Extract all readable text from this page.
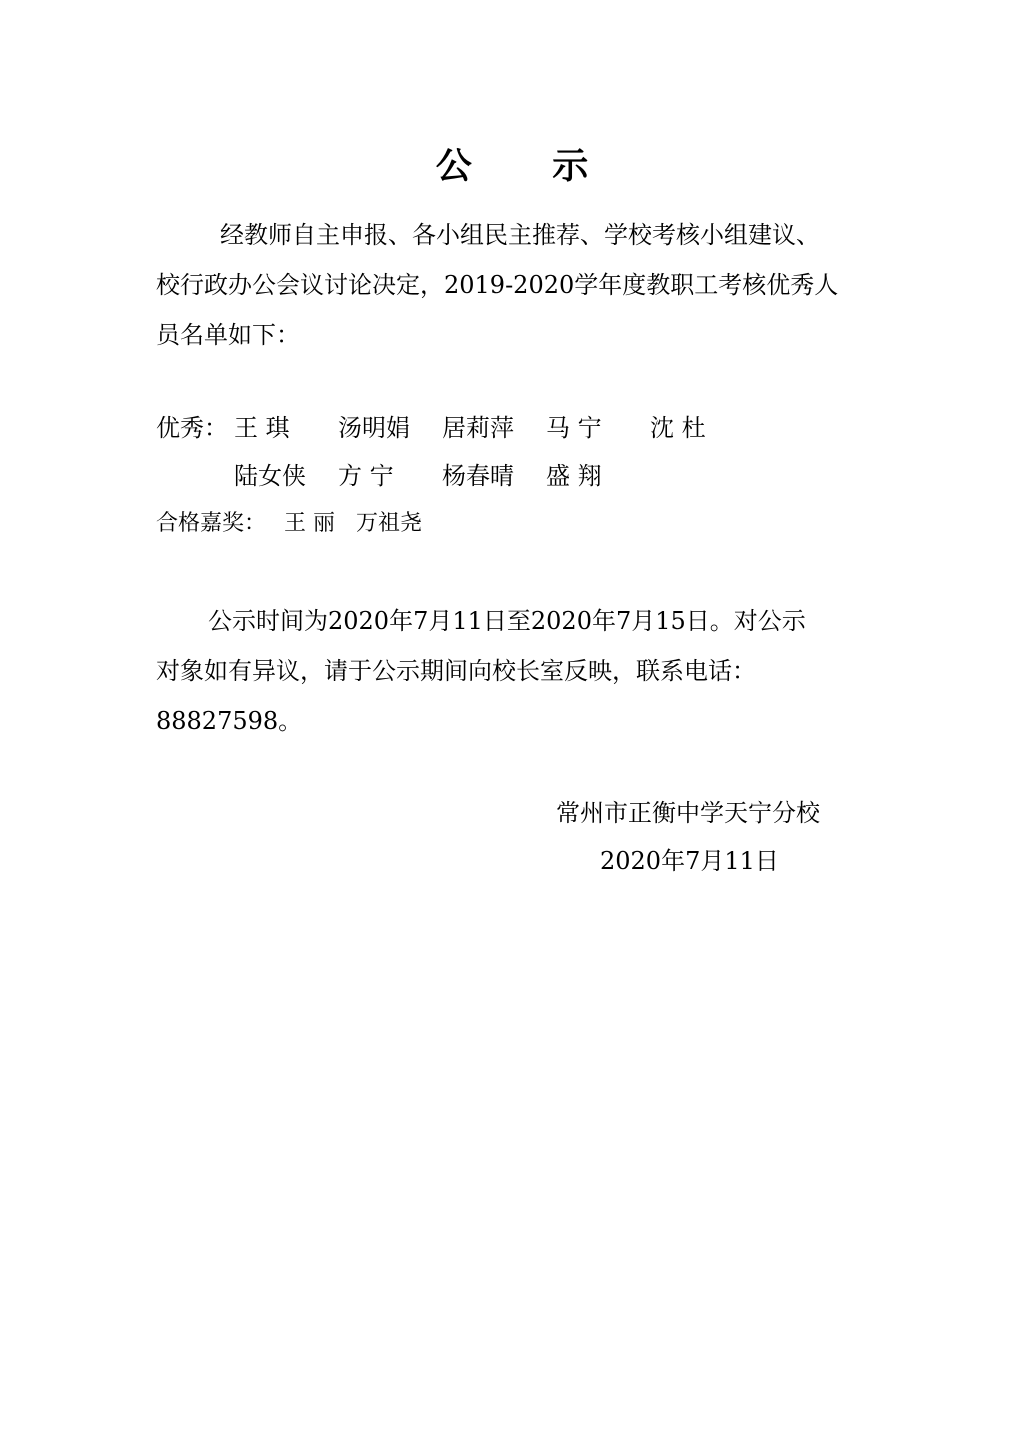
公 示
经教师自主申报、各小组民主推荐、学校考核小组建议、
校行政办公会议讨论决定，2019-2020学年度教职工考核优秀人
员名单如下：
优秀： 王 琪 汤明娟 居莉萍 马 宁 沈 杜
陆女侠 方 宁 杨春晴 盛 翔
合格嘉奖： 王 丽 万祖尧
公示时间为2020年7月11日至2020年7月15日。对公示
对象如有异议，请于公示期间向校长室反映，联系电话：
88827598。
常州市正衡中学天宁分校
2020年7月11日
